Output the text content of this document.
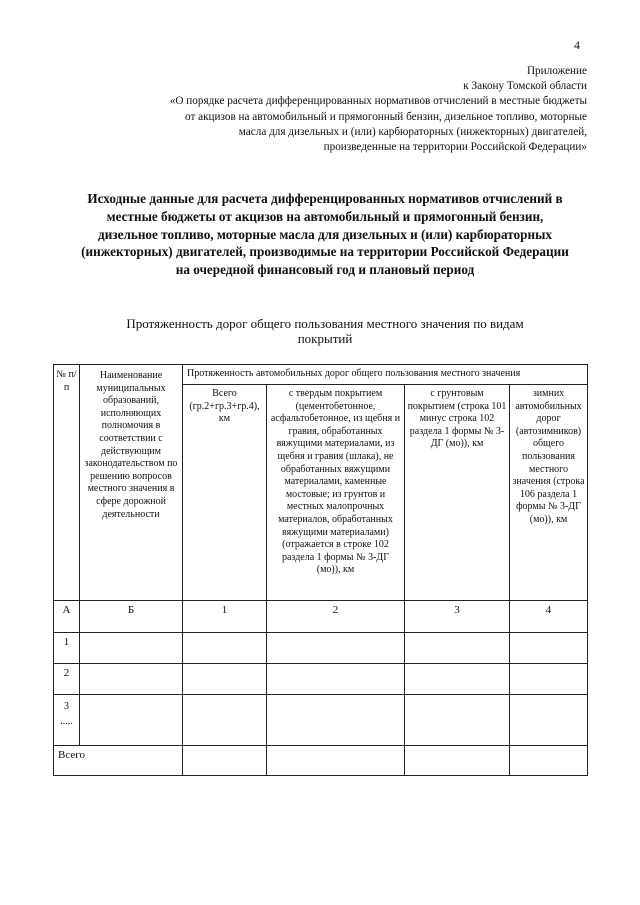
4
Приложение
к Закону Томской области
«О порядке расчета дифференцированных нормативов отчислений в местные бюджеты от акцизов на автомобильный и прямогонный бензин, дизельное топливо, моторные масла для дизельных и (или) карбюраторных (инжекторных) двигателей, произведенные на территории Российской Федерации»
Исходные данные для расчета дифференцированных нормативов отчислений в местные бюджеты от акцизов на автомобильный и прямогонный бензин, дизельное топливо, моторные масла для дизельных и (или) карбюраторных (инжекторных) двигателей, производимые на территории Российской Федерации на очередной финансовый год и плановый период
Протяженность дорог общего пользования местного значения по видам покрытий
№ п/п	Наименование муниципальных образований, исполняющих полномочия в соответствии с действующим законодательством по решению вопросов местного значения в сфере дорожной деятельности	Протяженность автомобильных дорог общего пользования местного значения			
		Всего (гр.2+гр.3+гр.4), км	с твердым покрытием (цементобетонное, асфальтобетонное, из щебня и гравия, обработанных вяжущими материалами, из щебня и гравия (шлака), не обработанных вяжущими материалами, каменные мостовые; из грунтов и местных малопрочных материалов, обработанных вяжущими материалами) (отражается в строке 102 раздела 1 формы № 3-ДГ (мо)), км	с грунтовым покрытием (строка 101 минус строка 102 раздела 1 формы № 3-ДГ (мо)), км	зимних автомобильных дорог (автозимников) общего пользования местного значения (строка 106 раздела 1 формы № 3-ДГ (мо)), км
А	Б	1	2	3	4
1					
2					

3
.....					

Всего					
